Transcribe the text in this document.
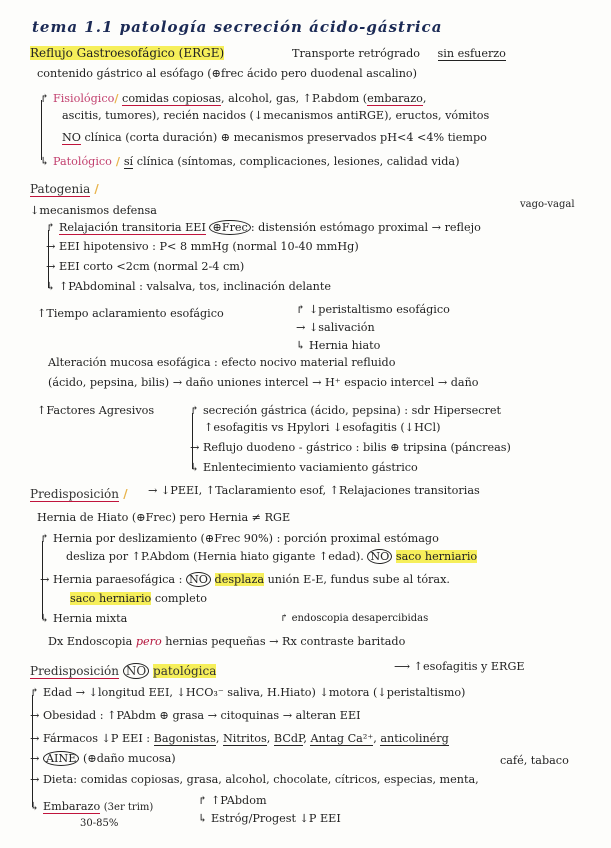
tema 1.1 patología secreción ácido-gástrica
Reflujo Gastroesofágico (ERGE)	Transporte retrógrado sin esfuerzo
contenido gástrico al esófago (⊕frec ácido pero duodenal ascalino)
↱ Fisiológico/ comidas copiosas, alcohol, gas, ↑P.abdom (embarazo,
ascitis, tumores), recién nacidos (↓mecanismos antiRGE), eructos, vómitos
NO clínica (corta duración) ⊕ mecanismos preservados pH<4 <4% tiempo
↳ Patológico / sí clínica (síntomas, complicaciones, lesiones, calidad vida)
Patogenia /
vago-vagal
↓mecanismos defensa
↱ Relajación transitoria EEI ⊕Frec : distensión estómago proximal → reflejo
→ EEI hipotensivo : P< 8 mmHg (normal 10-40 mmHg)
→ EEI corto <2cm (normal 2-4 cm)
↳ ↑PAbdominal : valsalva, tos, inclinación delante
↑Tiempo aclaramiento esofágico	↱ ↓peristaltismo esofágico
→ ↓salivación
↳ Hernia hiato
Alteración mucosa esofágica : efecto nocivo material refluido
(ácido, pepsina, bilis) → daño uniones intercel → H⁺ espacio intercel → daño
↑Factores Agresivos	↱ secreción gástrica (ácido, pepsina) : sdr Hipersecret
↑esofagitis vs Hpylori ↓esofagitis (↓HCl)
→ Reflujo duodeno - gástrico : bilis ⊕ tripsina (páncreas)
↳ Enlentecimiento vaciamiento gástrico
Predisposición / → ↓PEEI, ↑Taclaramiento esof, ↑Relajaciones transitorias
Hernia de Hiato (⊕Frec) pero Hernia ≠ RGE
↱ Hernia por deslizamiento (⊕Frec 90%) : porción proximal estómago
desliza por ↑P.Abdom (Hernia hiato gigante ↑edad). NO saco herniario
→ Hernia paraesofágica : NO desplaza unión E-E, fundus sube al tórax.
saco herniario completo
↳ Hernia mixta	↱ endoscopia desapercibidas
Dx Endoscopia pero hernias pequeñas → Rx contraste baritado
Predisposición NO patológica	⟶ ↑esofagitis y ERGE
↱ Edad → ↓longitud EEI, ↓HCO₃⁻ saliva, H.Hiato) ↓motora (↓peristaltismo)
→ Obesidad : ↑PAbdm ⊕ grasa → citoquinas → alteran EEI
→ Fármacos ↓P EEI : Bagonistas, Nitritos, BCdP, Antag Ca²⁺, anticolinérg
→ AINE (⊕daño mucosa)	café, tabaco
→ Dieta: comidas copiosas, grasa, alcohol, chocolate, cítricos, especias, menta,
↳ Embarazo (3er trim)
30-85%
↱ ↑PAbdom
↳ Estróg/Progest ↓P EEI
